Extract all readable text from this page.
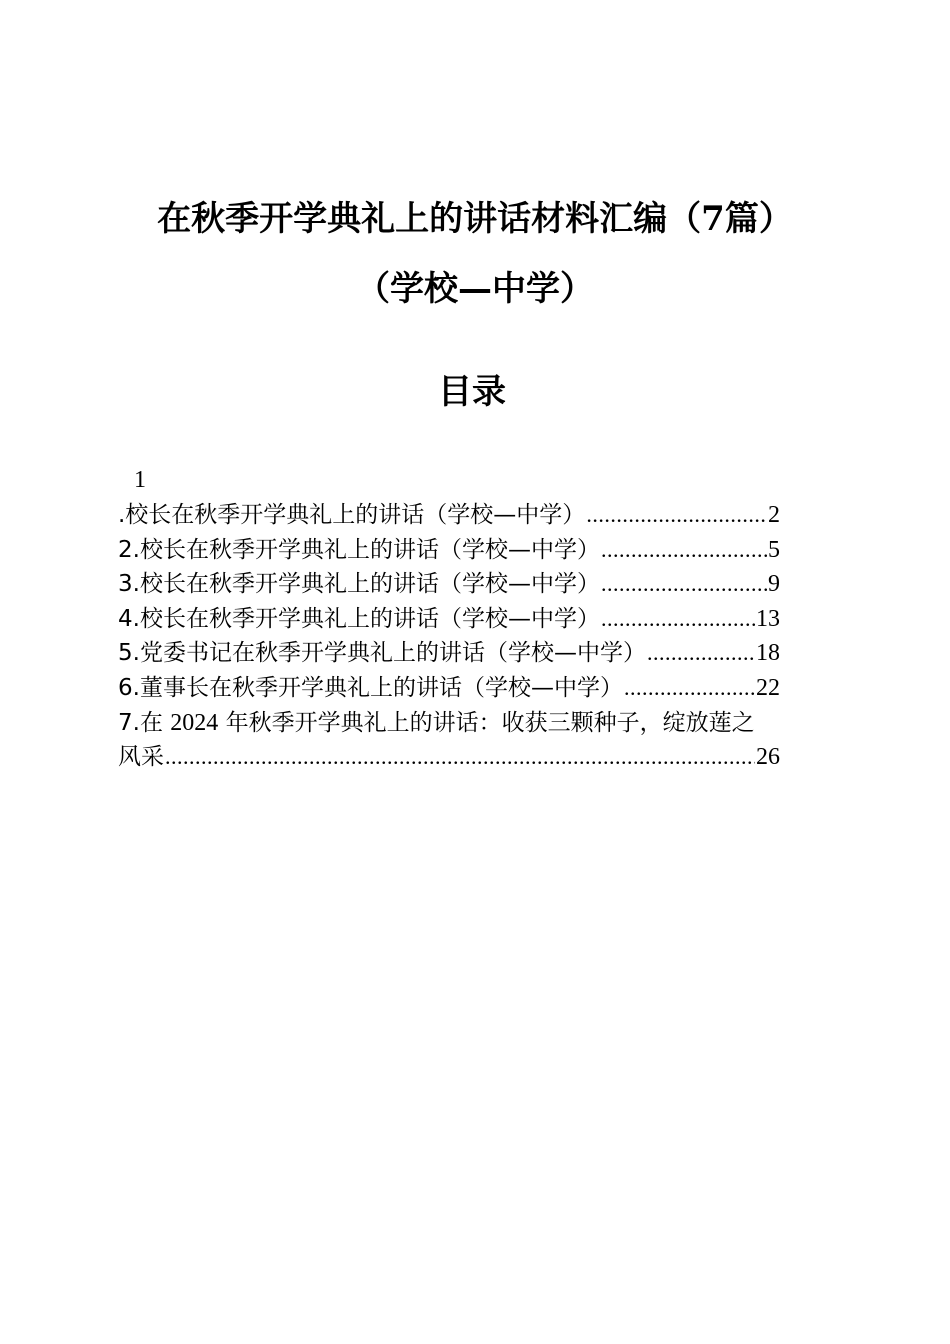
在秋季开学典礼上的讲话材料汇编（7篇）
（学校—中学）
目录
1
.校长在秋季开学典礼上的讲话（学校—中学） .....	2
2.校长在秋季开学典礼上的讲话（学校—中学） .....	5
3.校长在秋季开学典礼上的讲话（学校—中学） .....	9
4.校长在秋季开学典礼上的讲话（学校—中学） .....	13
5.党委书记在秋季开学典礼上的讲话（学校—中学） .....	18
6.董事长在秋季开学典礼上的讲话（学校—中学） .....	22
7.在 2024 年秋季开学典礼上的讲话：收获三颗种子，绽放莲之
风采 .....	26
